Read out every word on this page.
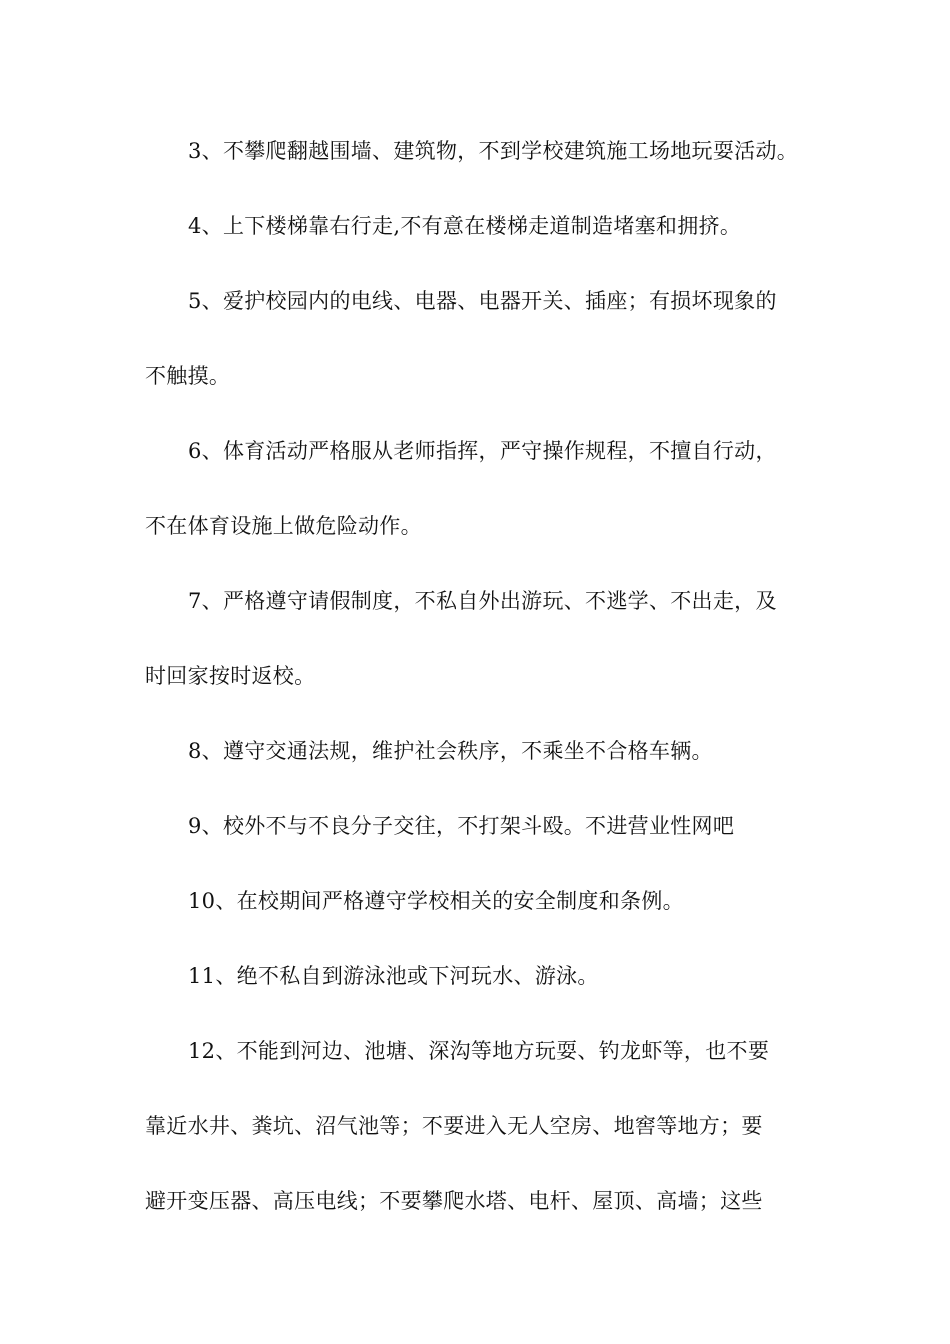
3、不攀爬翻越围墙、建筑物，不到学校建筑施工场地玩耍活动。
4、上下楼梯靠右行走,不有意在楼梯走道制造堵塞和拥挤。
5、爱护校园内的电线、电器、电器开关、插座；有损坏现象的
不触摸。
6、体育活动严格服从老师指挥，严守操作规程，不擅自行动，
不在体育设施上做危险动作。
7、严格遵守请假制度，不私自外出游玩、不逃学、不出走，及
时回家按时返校。
8、遵守交通法规，维护社会秩序，不乘坐不合格车辆。
9、校外不与不良分子交往，不打架斗殴。不进营业性网吧
10、在校期间严格遵守学校相关的安全制度和条例。
11、绝不私自到游泳池或下河玩水、游泳。
12、不能到河边、池塘、深沟等地方玩耍、钓龙虾等，也不要
靠近水井、粪坑、沼气池等；不要进入无人空房、地窖等地方；要
避开变压器、高压电线；不要攀爬水塔、电杆、屋顶、高墙；这些
